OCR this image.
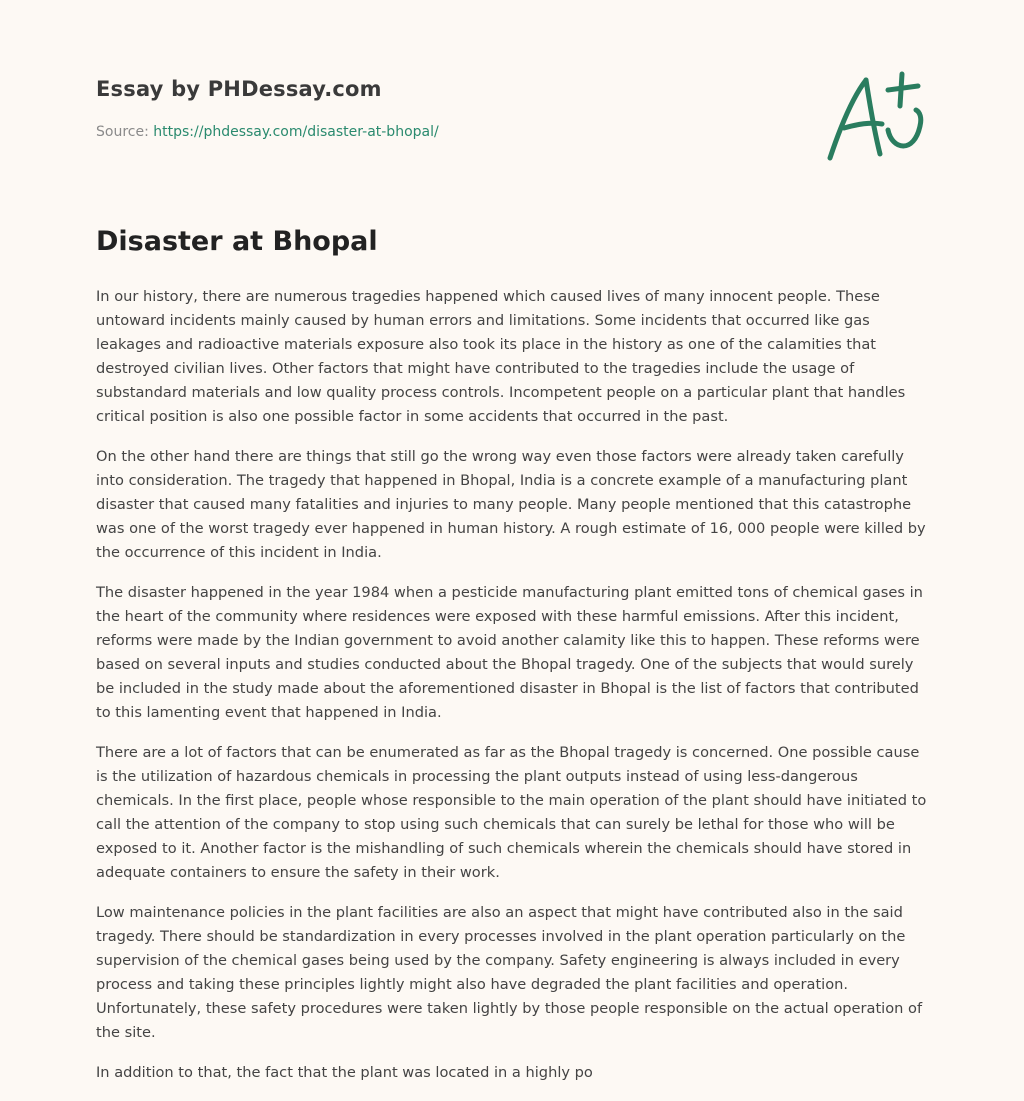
Essay by PHDessay.com
Source: https://phdessay.com/disaster-at-bhopal/
Disaster at Bhopal

In our history, there are numerous tragedies happened which caused lives of many innocent people. These untoward incidents mainly caused by human errors and limitations. Some incidents that occurred like gas leakages and radioactive materials exposure also took its place in the history as one of the calamities that destroyed civilian lives. Other factors that might have contributed to the tragedies include the usage of substandard materials and low quality process controls. Incompetent people on a particular plant that handles critical position is also one possible factor in some accidents that occurred in the past.

On the other hand there are things that still go the wrong way even those factors were already taken carefully into consideration. The tragedy that happened in Bhopal, India is a concrete example of a manufacturing plant disaster that caused many fatalities and injuries to many people. Many people mentioned that this catastrophe was one of the worst tragedy ever happened in human history. A rough estimate of 16, 000 people were killed by the occurrence of this incident in India.

The disaster happened in the year 1984 when a pesticide manufacturing plant emitted tons of chemical gases in the heart of the community where residences were exposed with these harmful emissions. After this incident, reforms were made by the Indian government to avoid another calamity like this to happen. These reforms were based on several inputs and studies conducted about the Bhopal tragedy. One of the subjects that would surely be included in the study made about the aforementioned disaster in Bhopal is the list of factors that contributed to this lamenting event that happened in India.

There are a lot of factors that can be enumerated as far as the Bhopal tragedy is concerned. One possible cause is the utilization of hazardous chemicals in processing the plant outputs instead of using less-dangerous chemicals. In the first place, people whose responsible to the main operation of the plant should have initiated to call the attention of the company to stop using such chemicals that can surely be lethal for those who will be exposed to it. Another factor is the mishandling of such chemicals wherein the chemicals should have stored in adequate containers to ensure the safety in their work.

Low maintenance policies in the plant facilities are also an aspect that might have contributed also in the said tragedy. There should be standardization in every processes involved in the plant operation particularly on the supervision of the chemical gases being used by the company. Safety engineering is always included in every process and taking these principles lightly might also have degraded the plant facilities and operation. Unfortunately, these safety procedures were taken lightly by those people responsible on the actual operation of the site.

In addition to that, the fact that the plant was located in a highly po
